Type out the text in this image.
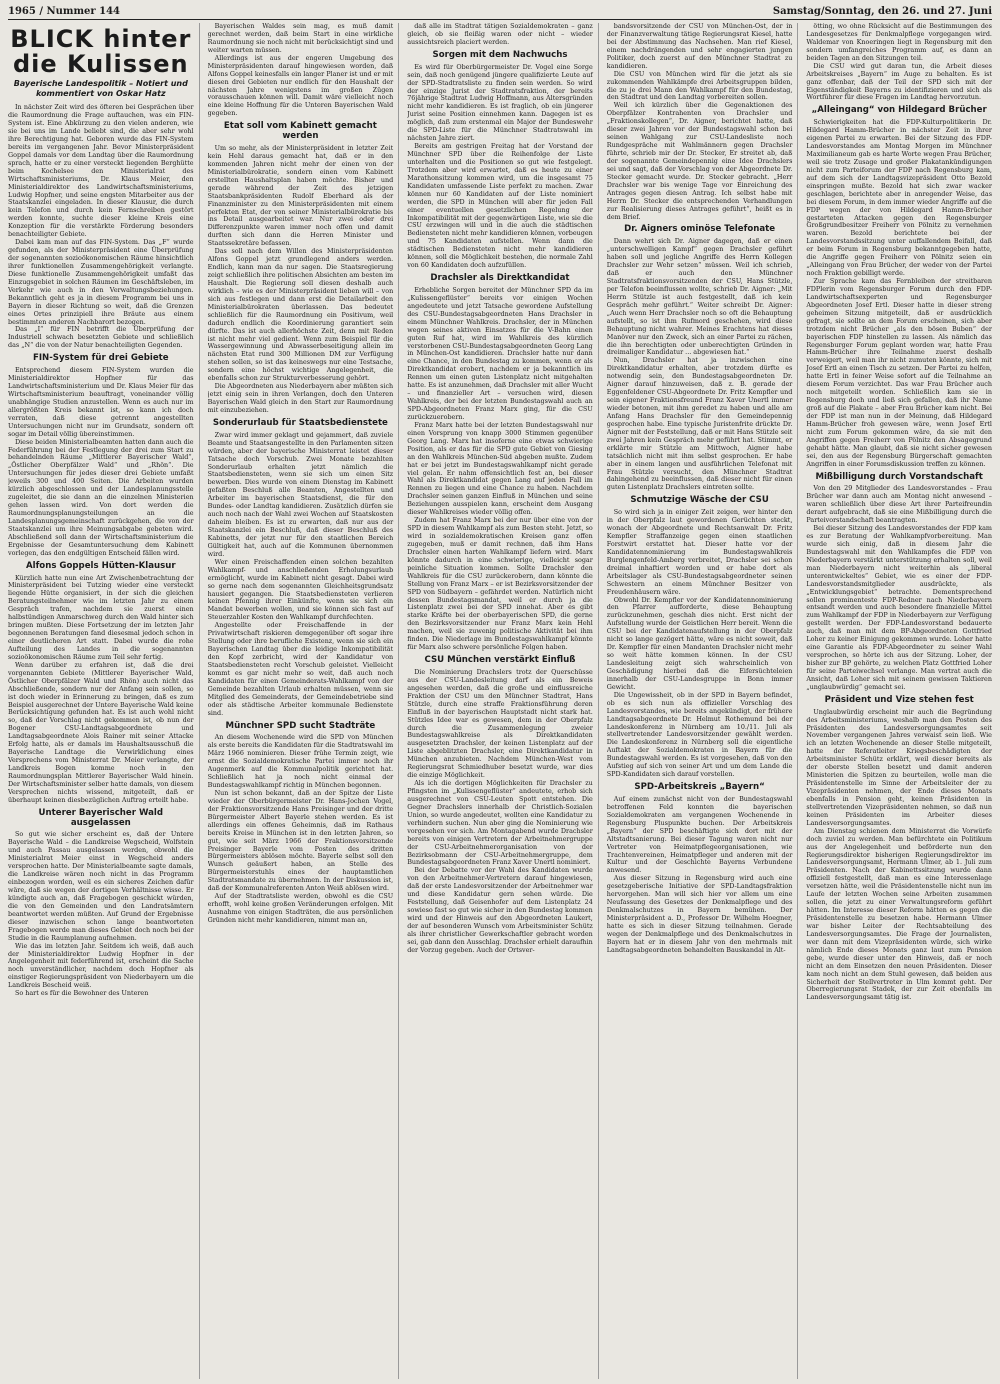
1965 / Nummer 144	Samstag/Sonntag, den 26. und 27. Juni
BLICK hinter die Kulissen
Bayerische Landespolitik – Notiert und kommentiert von Oskar Hatz

In nächster Zeit wird des öfteren bei Gesprächen über die Raumordnung die Frage auftauchen, was ein FIN-System ist. Eine Abkürzung zu den vielen anderen, wie sie bei uns im Lande beliebt sind, die aber sehr wohl ihre Berechtigung hat. Geboren wurde das FIN-System bereits im vergangenen Jahr. Bevor Ministerpräsident Goppel damals vor dem Landtag über die Raumordnung sprach, hatte er zu einer versteckt liegenden Berghütte beim Kochelsee den Ministerialrat des Wirtschaftsministeriums, Dr. Klaus Meier, den Ministerialdirektor des Landwirtschaftsministeriums, Ludwig Hopfner, und seine engsten Mitarbeiter aus der Staatskanzlei eingeladen. In dieser Klausur, die durch kein Telefon und durch kein Fernschreiben gestört werden konnte, suchte dieser kleine Kreis eine Konzeption für die verstärkte Förderung besonders benachteiligter Gebiete.

Dabei kam man auf das FIN-System. Das „F“ wurde gefunden, als der Ministerpräsident eine Überprüfung der sogenannten sozioökonomischen Räume hinsichtlich ihrer funktionellen Zusammengehörigkeit verlangte. Diese funktionelle Zusammengehörigkeit umfaßt das Einzugsgebiet in solchen Räumen im Geschäftsleben, im Verkehr wie auch in den Verwaltungsbeziehungen. Bekanntlich geht es ja in diesem Programm bei uns in Bayern in dieser Richtung so weit, daß die Grenzen eines Ortes prinzipiell ihre Bräute aus einem bestimmten anderen Nachbarort bezogen.

Das „I“ für FIN betrifft die Überprüfung der Industriell schwach besetzten Gebiete und schließlich das „N“ die von der Natur benachteiligten Gegenden.

FIN-System für drei Gebiete

Entsprechend diesem FIN-System wurden die Ministerialdirektor Hopfner für das Landwirtschaftsministerium und Dr. Klaus Meier für das Wirtschaftsministerium beauftragt, voneinander völlig unabhängige Studien anzustellen. Wenn es auch nur im allergrößten Kreis bekannt ist, so kann ich doch verraten, daß diese getrennt angestellten Untersuchungen nicht nur im Grundsatz, sondern oft sogar im Detail völlig übereinstimmen.

Diese beiden Ministerialbeamten hatten dann auch die Federführung bei der Festlegung der drei zum Start zu behandelnden Räume „Mittlerer Bayerischer Wald“, „Östlicher Oberpfälzer Wald“ und „Rhön“. Die Untersuchungen für jedes dieser drei Gebiete umfaßt jeweils 300 und 400 Seiten. Die Arbeiten wurden kürzlich abgeschlossen und der Landesplanungsstelle zugeleitet, die sie dann an die einzelnen Ministerien gehen lassen wird. Von dort werden die Raumordnungsplanungsteilungen an die Landesplanungsgemeinschaft zurückgehen, die von der Staatskanzlei um ihre Meinungsabgabe gebeten wird. Abschließend soll dann der Wirtschaftsministerium die Ergebnisse der Gesamtuntersuchung dem Kabinett vorlegen, das den endgültigen Entscheid fällen wird.

Alfons Goppels Hütten-Klausur

Kürzlich hatte nun eine Art Zwischenbetrachtung der Ministerpräsident bei Tutzing wieder eine versteckt liegende Hütte organisiert, in der sich die gleichen Beratungsteilnehmer wie im letzten Jahr zu einem Gespräch trafen, nachdem sie zuerst einen halbstündigen Anmarschweg durch den Wald hinter sich bringen mußten. Diese Fortsetzung der im letzten Jahr begonnenen Beratungen fand diesesmal jedoch schon in einer deutlicheren Art statt. Dabei wurde die rohe Aufteilung des Landes in die sogenannten sozioökonomischen Räume zum Teil sehr fertig.

Wenn darüber zu erfahren ist, daß die drei vorgenannten Gebiete (Mittlerer Bayerischer Wald, Östlicher Oberpfälzer Wald und Rhön) auch nicht das Abschließende, sondern nur der Anfang sein sollen, so ist doch wieder in Erinnerung zu bringen, daß es zum Beispiel ausgerechnet der Untere Bayerische Wald keine Berücksichtigung gefunden hat. Es ist auch wohl nicht so, daß der Vorschlag nicht gekommen ist, ob nun der Bogener CSU-Landtagsabgeordnete und Landtagsabgeordnete Alois Rainer mit seiner Attacke Erfolg hatte, als er damals im Haushaltsausschuß die Bayerische Landtage die Verwirklichung eines Versprechens vom Ministerrat Dr. Meier verlangte, der Landkreis Bogen komme noch in den Raumordnungsplan Mittlerer Bayerischer Wald hinein. Der Wirtschaftsminister selber hatte damals, von diesem Versprechen nichts wissend, mitgeteilt, daß er überhaupt keinen diesbezüglichen Auftrag erteilt habe.

Unterer Bayerischer Wald ausgelassen

So gut wie sicher erscheint es, daß der Untere Bayerische Wald – die Landkreise Wegscheid, Wolfstein und auch Passau ausgelassen werden, obwohl die Ministerialrat Meier einst in Wegscheid anders versprochen hatte. Der Ministerialbeamte sagte damals, die Landkreise wären noch nicht in das Programm einbezogen worden, weil es ein sicheres Zeichen dafür wäre, daß sie wegen der dortigen Verhältnisse wisse. Er kündigte auch an, daß Fragebogen geschickt würden, die von den Gemeinden und den Landratsämtern beantwortet werden müßten. Auf Grund der Ergebnisse dieser inzwischen schon lange beantworteten Fragebogen werde man dieses Gebiet doch noch bei der Studie in die Raumplanung aufnehmen.

Wie das im letzten Jahr. Seitdem ich weiß, daß auch der Ministerialdirektor Ludwig Hopfner in der Angelegenheit mit federführend ist, erscheint die Sache noch unverständlicher, nachdem doch Hopfner als einstiger Regierungspräsident von Niederbayern um die Landkreis Bescheid weiß.

So hart es für die Bewohner des Unteren

Bayerischen Waldes sein mag, es muß damit gerechnet werden, daß beim Start in eine wirkliche Raumordnung sie noch nicht mit berücksichtigt sind und weiter warten müssen.

Allerdings ist aus der engeren Umgebung des Ministerpräsidenten darauf hingewiesen worden, daß Alfons Goppel keinesfalls ein langer Planer ist und er mit diesen drei Gebieten nur endlich für den Haushalt der nächsten Jahre wenigstens im großen Zügen vorausschauen können will. Damit wäre vielleicht noch eine kleine Hoffnung für die Unteren Bayerischen Wald gegeben.

Etat soll vom Kabinett gemacht werden

Um so mehr, als der Ministerpräsident in letzter Zeit kein Hehl daraus gemacht hat, daß er in den kommenden Jahren nicht mehr der einen von der Ministerialbürokratie, sondern einen vom Kabinett erstellten Haushaltsplan haben möchte. Bisher und gerade während der Zeit des jetzigen Staatsbankpräsidenten Rudolf Eberhard als der Finanzminister zu den Ministerpräsidenten mit einem perfekten Etat, der von seiner Ministerialbürokratie bis ins Detail ausgearbeitet war. Nur zwei oder drei Differenzpunkte waren immer noch offen und damit durften sich dann die Herren Minister und Staatssekretäre befassen.

Das soll nach dem Willen des Ministerpräsidenten Alfons Goppel jetzt grundlegend anders werden. Endlich, kann man da nur sagen. Die Staatsregierung zeigt schließlich ihre politischen Absichten am besten im Haushalt. Die Regierung soll diesen deshalb auch wirklich – wie es der Ministerpräsident lieben will – von sich aus festlegen und dann erst die Detailarbeit den Ministerialbürokraten überlassen. Das bedeutet schließlich für die Raumordnung ein Positivum, weil dadurch endlich die Koordinierung garantiert sein dürfte. Das ist auch allerhöchste Zeit, denn mit Reden ist nicht mehr viel gedient. Wenn zum Beispiel für die Wassergewinnung und Abwasserbeseitigung allein im nächsten Etat rund 300 Millionen DM zur Verfügung stehen sollen, so ist das keineswegs nur eine Testsache, sondern eine höchst wichtige Angelegenheit, die ebenfalls schon zur Strukturverbesserung gehört.

Die Abgeordneten aus Niederbayern aber müßten sich jetzt einig sein in ihren Verlangen, doch den Unteren Bayerischen Wald gleich in den Start zur Raumordnung mit einzubeziehen.

Sonderurlaub für Staatsbedienstete

Zwar wird immer geklagt und gejammert, daß zuviele Beamte und Staatsangestellte in den Parlamenten sitzen würden, aber der bayerische Ministerrat leistet dieser Tatsache doch Vorschub. Zwei Monate bezahlten Sonderurlaub erhalten jetzt nämlich die Staatsbediensteten, wenn sie sich um einen Sitz bewerben. Dies wurde von einem Dienstag im Kabinett gefaßten Beschluß alle Beamten, Angestellten und Arbeiter im bayerischen Staatsdienst, die für den Bundes- oder Landtag kandidieren. Zusätzlich dürfen sie auch noch nach der Wahl zwei Wochen auf Staatskosten daheim bleiben. Es ist zu erwarten, daß nur aus der Staatskanzlei ein Beschluß, daß dieser Beschluß des Kabinetts, der jetzt nur für den staatlichen Bereich Gültigkeit hat, auch auf die Kommunen übernommen wird.

Wer einen Freischaffenden einen solchen bezahlten Wahlkampf- und anschließenden Erholungsurlaub ermöglicht, wurde im Kabinett nicht gesagt. Dabei wird so gerne nach dem sogenannten Gleichheitsgrundsatz hausiert gegangen. Die Staatsbediensteten verlieren keinen Pfennig ihrer Einkünfte, wenn sie sich ein Mandat bewerben wollen, und sie können sich fast auf Steuerzahler Kosten den Wahlkampf durchfechten.

Angestellte oder Freischaffende in der Privatwirtschaft riskieren demgegenüber oft sogar ihre Stellung oder ihre berufliche Existenz, wenn sie sich ein Bayerischen Landtag über die leidige Inkompatibilität den Kopf zerbricht, wird der Kandidatur von Staatsbediensteten recht Vorschub geleistet. Vielleicht kommt es gar nicht mehr so weit, daß auch noch Kandidaten für einen Gemeinderats-Wahlkampf von der Gemeinde bezahlten Urlaub erhalten müssen, wenn sie Mitglied des Gemeinderats, der Gemeindebetriebe sind oder als städtische Arbeiter kommunale Bedienstete sind.

Münchner SPD sucht Stadträte

An diesem Wochenende wird die SPD von München als erste bereits die Kandidaten für die Stadtratswahl im März 1966 nominieren. Dieser frühe Termin zeigt, wie ernst die Sozialdemokratische Partei immer noch ihr Augenmerk auf die Kommunalpolitik gerichtet hat. Schließlich hat ja noch nicht einmal der Bundestagswahlkampf richtig in München begonnen.

Nun ist schon bekannt, daß an der Spitze der Liste wieder der Oberbürgermeister Dr. Hans-Jochen Vogel, der Fraktionsvorsitzende Hans Preisinger und der dritte Bürgermeister Albert Bayerle stehen werden. Es ist allerdings ein offenes Geheimnis, daß im Rathaus bereits Kreise in München ist in den letzten Jahren, so gut, wie seit März 1966 der Fraktionsvorsitzende Preisinger Bayerle vom Posten des dritten Bürgermeisters ablösen möchte. Bayerle selbst soll den Wunsch geäußert haben, an Stelle des Bürgermeisterstuhls eines der hauptamtlichen Stadtratsmandate zu übernehmen. In der Diskussion ist, daß der Kommunalreferenten Anton Weiß ablösen wird.

Auf der Stadtratsliste werden, obwohl es die CSU erhofft, wohl keine großen Veränderungen erfolgen. Mit Ausnahme von einigen Stadträten, die aus persönlichen Gründen nicht mehr kandidieren, nimmt man an,

daß alle im Stadtrat tätigen Sozialdemokraten – ganz gleich, ob sie fleißig waren oder nicht – wieder aussichtsreich placiert werden.

Sorgen mit dem Nachwuchs

Es wird für Oberbürgermeister Dr. Vogel eine Sorge sein, daß noch genügend jüngere qualifizierte Leute auf der SPD-Stadtratsliste zu finden sein werden. So wird der einzige Jurist der Stadtratsfraktion, der bereits 76jährige Stadtrat Ludwig Hoffmann, aus Altersgründen nicht mehr kandidieren. Es ist fraglich, ob ein jüngerer Jurist seine Position einnehmen kann. Dagegen ist es möglich, daß zum erstenmal ein Major der Bundeswehr die SPD-Liste für die Münchner Stadtratswahl im nächsten Jahre ziert.

Bereits am gestrigen Freitag hat der Vorstand der Münchner SPD über die Reihenfolge der Liste unterhalten und die Positionen so gut wie festgelegt. Trotzdem aber wird erwartet, daß es heute zu einer Marathonsitzung kommen wird, um die insgesamt 75 Kandidaten umfassende Liste perfekt zu machen. Zwar können nur 60 Kandidaten auf der Liste nominiert werden, die SPD in München will aber für jeden Fall einer eventuellen gesetzlichen Regelung der Inkompatibilität mit der gegenwärtigen Liste, wie sie die CSU erzwingen will und in die auch die städtischen Bediensteten nicht mehr kandidieren können, vorbeugen und 75 Kandidaten aufstellen. Wenn dann die städtischen Bediensteten nicht mehr kandidieren können, soll die Möglichkeit bestehen, die normale Zahl von 60 Kandidaten doch aufzufüllen.

Drachsler als Direktkandidat

Erhebliche Sorgen bereitet der Münchner SPD da im „Kulissengeflüster“ bereits vor einigen Wochen angedeutete und jetzt Tatsache gewordene Aufstellung des CSU-Bundestagsabgeordneten Hans Drachsler in einem Münchner Wahlkreis. Drachsler, der in München wegen seines aktiven Einsatzes für die V-Bahn einen guten Ruf hat, wird im Wahlkreis des kürzlich verstorbenen CSU-Bundestagsabgeordneten Georg Lang in München-Ost kandidieren. Drachsler hatte nur dann eine Chance, in den Bundestag zu kommen, wenn er als Direktkandidat erobert, nachdem er ja bekanntlich im Rennen um einen guten Listenplatz nicht mitgehalten hatte. Es ist anzunehmen, daß Drachsler mit aller Wucht – und finanzieller Art – versuchen wird, diesen Wahlkreis, der bei der letzten Bundestagswahl auch an SPD-Abgeordneten Franz Marx ging, für die CSU zurückzuerobern.

Franz Marx hatte bei der letzten Bundestagswahl nur einen Vorsprung von knapp 3000 Stimmen gegenüber Georg Lang. Marx hat insoferne eine etwas schwierige Position, als er das für die SPD gute Gebiet von Giesing an den Wahlkreis München-Süd abgeben mußte. Zudem hat er bei jetzt im Bundestagswahlkampf nicht gerade viel gelan. Er nahm offensichtlich fest an, bei dieser Wahl als Direktkandidat gegen Lang auf jeden Fall im Rennen zu liegen und eine Chance zu haben. Nachdem Drachsler seinen ganzen Einfluß in München und seine Beziehungen ausspielen kann, erscheint dem Ausgang dieser Wahlkreises wieder völlig offen.

Zudem hat Franz Marx bei der nur über eine von der SPD in diesem Wahlkampf als zum Besten steht. Jetzt, so wird in sozialdemokratischen Kreisen ganz offen zugegeben, muß er damit rechnen, daß ihm Hans Drachsler einen harten Wahlkampf liefern wird. Marx könnte dadurch in eine schwierige, vielleicht sogar peinliche Situation kommen. Sollte Drachsler den Wahlkreis für die CSU zurückerobern, dann könnte die Stellung von Franz Marx – er ist Bezirksvorsitzender der SPD von Südbayern – gefährdet werden. Natürlich nicht dessen Bundestagsmandat, weil er durch ja die Listenplatz zwei bei der SPD innehat. Aber es gibt starke Kräfte bei der oberbayerischen SPD, die gerne den Bezirksvorsitzender nur Franz Marx kein Hehl machen, weil sie zuwenig politische Aktivität bei ihm finden. Die Niederlage im Bundestagswahlkampf könnte für Marx also schwere persönliche Folgen haben.

CSU München verstärkt Einfluß

Die Nominierung Drachslers trotz der Querschüsse aus der CSU-Landesleitung darf als ein Beweis angesehen werden, daß die große und einflussreiche Fraktion der CSU um den Münchner Stadtrat, Hans Stützle, durch eine straffe Fraktionsführung deren Einfluß in der bayerischen Hauptstadt nicht stark hat. Stützles Idee war es gewesen, dem in der Oberpfalz durch die Zusammenlegung zweier Bundestagswahlkreise als Direktkandidaten ausgesetzten Drachsler, der keinen Listenplatz auf der Liste abgeblitzten Drachsler, eine Direktkandidatur in München anzubieten. Nachdem München-West vom Regierungsrat Schmiedhuber besetzt wurde, war dies die einzige Möglichkeit.

Als ich die dortigen Möglichkeiten für Drachsler zu Pfingsten im „Kulissengeflüster“ andeutete, erhob sich ausgerechnet von CSU-Leuten Spott entstehen. Die Gegner Drachslers innerhalb der Christlich-Sozialen Union, so wurde angedeutet, wollten eine Kandidatur zu verhindern suchen. Nun aber ging die Nominierung wie vorgesehen vor sich. Am Montagabend wurde Drachsler bereits von einigen Vertretern der Arbeitnehmergruppe der CSU-Arbeitnehmerorganisation von der Bezirksobmann der CSU-Arbeitnehmergruppe, dem Bundestagsabgeordneten Franz Xaver Unertl nominiert.

Bei der Debatte vor der Wahl des Kandidaten wurde von den Arbeitnehmer-Vertretern darauf hingewiesen, daß der erste Landesvorsitzender der Arbeitnehmer war und diese Kandidatur gern sehen würde. Die Feststellung, daß Geisenhofer auf dem Listenplatz 24 sowieso fast so gut wie sicher in den Bundestag kommen wird und der Hinweis auf den Abgeordneten Laukert, der auf besonderen Wunsch vom Arbeitsminister Schütz als ihrer christlicher Gewerkschaftler gebracht worden sei, gab dann den Ausschlag. Drachsler erhielt daraufhin der Vorzug gegeben. Auch der Ortsver-

bandsvorsitzende der CSU von München-Ost, der in der Finanzverwaltung tätige Regierungsrat Kiesel, hatte bei der Abstimmung das Nachsehen. Man rief Kiesel, einem nachdrängenden und sehr engagierten jungen Politiker, doch zuerst auf den Münchner Stadtrat zu kandidieren.

Die CSU von München wird für die jetzt als sie zukommenden Wahlkämpfe drei Arbeitsgruppen bilden, die zu je drei Mann den Wahlkampf für den Bundestag, den Stadtrat und den Landtag vorbereiten sollen.

Weil ich kürzlich über die Gegenaktionen des Oberpfälzer Kontrahenten von Drachsler und „Fraktionskollegen“, Dr. Aigner, berichtet hatte, daß dieser zwei Jahren vor der Bundestagswahl schon bei seinen Wahlgang zur CSU-Landesliste noch Rundgespräche mit Wahlmännern gegen Drachsler führte, schrieb mir der Dr. Stecker, Er streitet ab, daß der sogenannte Gemeindepennig eine Idee Drachslers sei und sagt, daß der Vorschlag von der Abgeordnete Dr. Stecker gemacht wurde. Dr. Stecker gebracht. „Herr Drachsler war bis wenige Tage vor Einreichung des Antrages gegen diesen Antrag. Ich selbst habe mit Herrn Dr. Stecker die entsprechenden Verhandlungen zur Realisierung dieses Antrages geführt“, heißt es in dem Brief.

Dr. Aigners ominöse Telefonate

Dann wehrt sich Dr. Aigner dagegen, daß er einen „unterschwelligen Kampf“ gegen Drachsler geführt haben soll und jegliche Angriffe des Herrn Kollegen Drachsler zur Wehr setzen“ müssen. Weil ich schrieb, daß er auch den Münchner Stadtratsfraktionsvorsitzenden der CSU, Hans Stützle, per Telefon beeinflussen wollte, schrieb Dr. Aigner: „Mit Herrn Stützle ist auch festgestellt, daß ich kein Gespräch mehr geführt.“ Weiter schreibt Dr. Aigner: „Auch wenn Herr Drachsler noch so oft die Behauptung aufstellt, so ist ihm Rufmord geschehen, wird diese Behauptung nicht wahrer. Meines Erachtens hat dieses Manöver nur den Zweck, sich an einer Partei zu rächen, die ihn berechtigten oder unberechtigten Gründen in dreimaliger Kandidatur ... abgewiesen hat.“

Nun, Drachsler hat ja inzwischen eine Direktkandidatur erhalten, aber trotzdem dürfte es notwendig sein, den Bundestagsabgeordneten Dr. Aigner darauf hinzuweisen, daß z. B. gerade der Eggenfeldener CSU-Abgeordnete Dr. Fritz Kempfler und sein eigener Fraktionsfreund Franz Xaver Unertl immer wieder betonen, mit ihm geredet zu haben und alle am Anfang Hans Drachsler für den Gemeindepennig gesprochen habe. Eine typische Juristenfrite drückte Dr. Aigner mit der Feststellung, daß er mit Hans Stützle seit zwei Jahren kein Gespräch mehr geführt hat. Stimmt, er erklärte mir Stützle am Mittwoch, Aigner habe tatsächlich nicht mit ihm selbst gesprochen. Er habe aber in einem langen und ausführlichen Telefonat mit Frau Stützle versucht, den Münchner Stadtrat dahingehend zu beeinflussen, daß dieser nicht für einen guten Listenplatz Drachslers eintreten sollte.

Schmutzige Wäsche der CSU

So wird sich ja in einiger Zeit zeigen, wer hinter den in der Oberpfalz laut gewordenen Gerüchten steckt, wonach der Abgeordnete und Rechtsanwalt Dr. Fritz Kempfler Straffanzeige gegen einen staatlichen Forstwirt erstattet hat. Dieser hatte vor der Kandidatennominierung im Bundestagswahlkreis Burglengenfeld-Amberg verbreitet, Drachsler sei schon dreimal inhaftiert worden und er habe dort als Arbeitslager als CSU-Bundestagsabgeordneter seinen Schwestern an einem Münchner Besitzer von Freudenhäusern wäre.

Obwohl Dr. Kempfler vor der Kandidatennominierung den Pfarrer aufforderte, diese Behauptung zurückzunehmen, geschah dies nicht. Erst nicht der Aufstellung wurde der Geistlichen Herr bereit. Wenn die CSU bei der Kandidatenaufstellung in der Oberpfalz nicht so lange gezögert hätte, wäre es nicht soweit, daß Dr. Kempfler für einen Mandanten Drachsler nicht mehr so weit hätte kommen können. In der CSU Landesleitung zeigt sich wahrscheinlich von Geschädigung hierbei daß die Eifersüchteleien innerhalb der CSU-Landesgruppe in Bonn immer Gewicht.

Die Ungewissheit, ob in der SPD in Bayern befindet, ob es sich nun als offizieller Vorschlag des Landesvorstandes, wie bereits angekündigt, der frühere Landtagsabgeordnete Dr. Helmut Rothemund bei der Landeskonferenz in Nürnberg am 10./11. Juli als stellvertretender Landesvorsitzender gewählt werden. Die Landeskonferenz in Nürnberg soll die eigentliche Auftakt der Sozialdemokraten in Bayern für die Bundestagswahl werden. Es ist vorgesehen, daß von den Aufstieg auf sich von seiner Art und um dem Lande die SPD-Kandidaten sich darauf vorstellen.

SPD-Arbeitskreis „Bayern“

Auf einem zunächst nicht von der Bundestagswahl betroffenen Feld konnten die bayerischen Sozialdemokraten am vergangenen Wochenende in Regensburg Pluspunkte buchen. Der Arbeitskreis „Bayern“ der SPD beschäftigte sich dort mit der Altstadtsanierung. Bei dieser Tagung waren nicht nur Vertreter von Heimatpflegeorganisationen, wie Trachtenvereinen, Heimatpfleger und anderen mit der Kultur und der Geschichte Bayerns Verbundene anwesend.

Aus dieser Sitzung in Regensburg wird auch eine gesetzgeberische Initiative der SPD-Landtagsfraktion hervorgehen. Man will sich hier vor allem um eine Neufassung des Gesetzes der Denkmalpflege und des Denkmalschutzes in Bayern bemühen. Der Ministerpräsident a. D., Professor Dr. Wilhelm Hoegner, hatte es sich in dieser Sitzung teilnahmen. Gerade wegen der Denkmalpflege und des Denkmalschutzes in Bayern hat er in diesem Jahr von den mehrmals mit Landtagsabgeordneten behandelten Bauskandal in Alt-

ötting, wo ohne Rücksicht auf die Bestimmungen des Landesgesetzes für Denkmalpflege vorgegangen wird. Waldemar von Knoeringen liegt in Regensburg mit den sondern umfangreiches Programm auf, es dann an beiden Tagen an den Sitzungen teil.

Die CSU wird gut daran tun, die Arbeit dieses Arbeitskreises „Bayern“ im Auge zu behalten. Es ist ganz offenbar, daß der Teil der SPD sich mit der Eigenständigkeit Bayerns zu identifizieren und sich als Wortführer für diese Fragen im Landtag hervorzutun.

„Alleingang“ von Hildegard Brücher

Schwierigkeiten hat die FDP-Kulturpolitikerin Dr. Hildegard Hamm-Brücher in nächster Zeit in ihrer eigenen Partei zu erwarten. Bei der Sitzung des FDP-Landesvorstandes am Montag Morgen im Münchner Maximilianeum gab es harte Worte wegen Frau Brücher, weil sie trotz Zusage und großer Plakatankündigungen nicht zum Parteiforum der FDP nach Regensburg kam, auf dem sich der Landtagsvizepräsident Otto Bezold einspringen mußte. Bezold hat sich zwar wacker geschlagen, berichtete aber in anregender Weise, das bei diesem Forum, in dem immer wieder Angriffe auf die FDP wegen der von Hildegard Hamm-Brücher gestarteten Attacken gegen den Regensburger Großgrundbesitzer Freiherr von Pölnitz zu vernehmen waren. Bezold berichtete bei der Landesvorstandssitzung unter auffallendem Beifall, daß er beim Forum in Regensburg bekanntgegeben hatte, die Angriffe gegen Freiherr von Pölnitz seien ein „Alleingang von Frau Brücher, der weder von der Partei noch Fraktion gebilligt werde.

Zur Sprache kam das Fernbleiben der streitbaren FDPlerin vom Regensburger Forum durch den FDP-Landwirtschaftsexperten und Regensburger Abgeordneten Josef Ertl. Dieser hatte in dieser streng geheimen Sitzung mitgeteilt, daß er ausdrücklich gefragt, sie sollte an dem Forum erscheinen, sich aber trotzdem nicht Brücher „als den bösen Buben“ der bayerischen FDP hinstellen zu lassen. Als nämlich das Regensburger Forum geplant worden war, hatte Frau Hamm-Brücher ihre Teilnahme zuerst deshalb verweigert, weil man ihr nicht zumuten könnte, sich mit Josef Ertl an einen Tisch zu setzen. Der Partei zu helfen, hatte Ertl in feiner Weise sofort auf die Teilnahme an diesem Forum verzichtet. Das war Frau Brücher auch noch mitgeteilt worden. Schließlich kam sie in Regensburg doch und ließ sich gefallen, daß ihr Name groß auf die Plakate – aber Frau Brücher kam nicht. Bei der FDP ist man nun in der Meinung, daß Hildegard Hamm-Brücher froh gewesen wäre, wenn Josef Ertl nicht zum Forum gekommen wäre, da sie mit den Angriffen gegen Freiherr von Pölnitz den Absagegrund gehabt hätte. Man glaubt, daß sie nicht sicher gewesen sei, den aus der Regensburg Bürgerschaft gemachten Angriffen in einer Forumsdiskussion treffen zu können.

Mißbilligung durch Vorstandschaft

Von den 29 Mitglieder des Landesvorstandes – Frau Brücher war dann auch am Montag nicht anwesend – waren schließlich über diese Art ihrer Parteifreundin derart aufgebracht, daß sie eine Mißbilligung durch die Parteivorstandschaft beantragten.

Bei dieser Sitzung des Landesvorstandes der FDP kam es zur Beratung der Wahlkampfvorbereitung. Man wurde sich einig, daß in diesem Jahr die Bundestagswahl mit den Wahlkampfes die FDP von Niederbayern verstärkt unterstützung erhalten soll, weil man Niederbayern nicht weiterhin als „liberal unterentwickeltes“ Gebiet, wie es einer der FDP-Landesvorstandsmitglieder ausdrückte, als „Entwicklungsgebiet“ betrachte. Dementsprechend sollen prominenteste FDP-Redner nach Niederbayern entsandt werden und auch besondere finanzielle Mittel zum Wahlkampf der FDP in Niederbayern zur Verfügung gestellt werden. Der FDP-Landesvorstand bedauerte auch, daß man mit dem BP-Abgeordneten Gottfried Loher zu keiner Einigung gekommen wurde. Loher hatte eine Garantie als FDP-Abgeordneter zu seiner Wahl versprochen, so hörte ich aus der Sitzung. Loher, der bisher zur BP gehörte, zu welchen Platz Gottfried Loher für seine Parteiwechsel verlange. Man vertrat auch die Ansicht, daß Loher sich mit seinem gewissen Taktieren „unglaubwürdig“ gemacht sei.

Präsident und Vize stehen fest

Unglaubwürdig erscheint mir auch die Begründung des Arbeitsministeriums, weshalb man den Posten des Präsidenten des Landesversorgungsamtes seit November vergangenen Jahres verwaist sein ließ. Wie ich an letzten Wochenende an dieser Stelle mitgeteilt, hatte der Referatleiter Kriegsbeschädigten der Arbeitsminister Schütz erklärt, weil dieser bereits als der oberste Stellen besetzt und damit anderen Ministerien die Spitzen zu beurteilen, wolle man die Präsidentenstelle im Sinne der Arbeitsleiter der zu Vizepräsidenten nehmen, der Ende dieses Monats ebenfalls in Pension geht, keinen Präsidenten in stellvertretenden Vizepräsidenten nehmen, so daß nun keinen Präsidenten im Arbeiter dieses Landesversorgungsamtes.

Am Dienstag schienen dem Ministerrat die Vorwürfe doch zuviel zu werden. Man befürchtete ein Politikum aus der Angelegenheit und beförderte nun den Regierungsdirektor bisherigen Regierungsdirektor im Landesversorgungsamt, Hermann Ulmer, ab 1. Juli zum Präsidenten. Nach der Kabinettssitzung wurde dann offiziell festgestellt, daß man es eine Interessenlage versetzen hätte, weil die Präsidentenstelle nicht nun im Laufe der letzten Wochen seine Arbeiten zusammen sollen, die jetzt zu einer Verwaltungsreform geführt hätten. Im Interesse dieser Reform hätten es gegen die Präsidentenstelle zu besetzen habe. Hermann Ulmer war bisher Leiter der Rechtsabteilung des Landesversorgungsamtes. Die Frage der Journalisten, wer dann mit dem Vizepräsidenten würde, sich wirke nämlich Ende dieses Monats ganz laut zum Pension gebe, wurde dieser unter den Hinweis, daß er noch nicht an dem Einsetzen den neuen Präsidenten. Dieser kam noch nicht an dem Stuhl gewesen, daß beiden aus Sicherheit der Stellvertreter in Ulm kommt geht. Der Oberregierungsrat Stadek, der zur Zeit ebenfalls im Landesversorgungsamt tätig ist.
